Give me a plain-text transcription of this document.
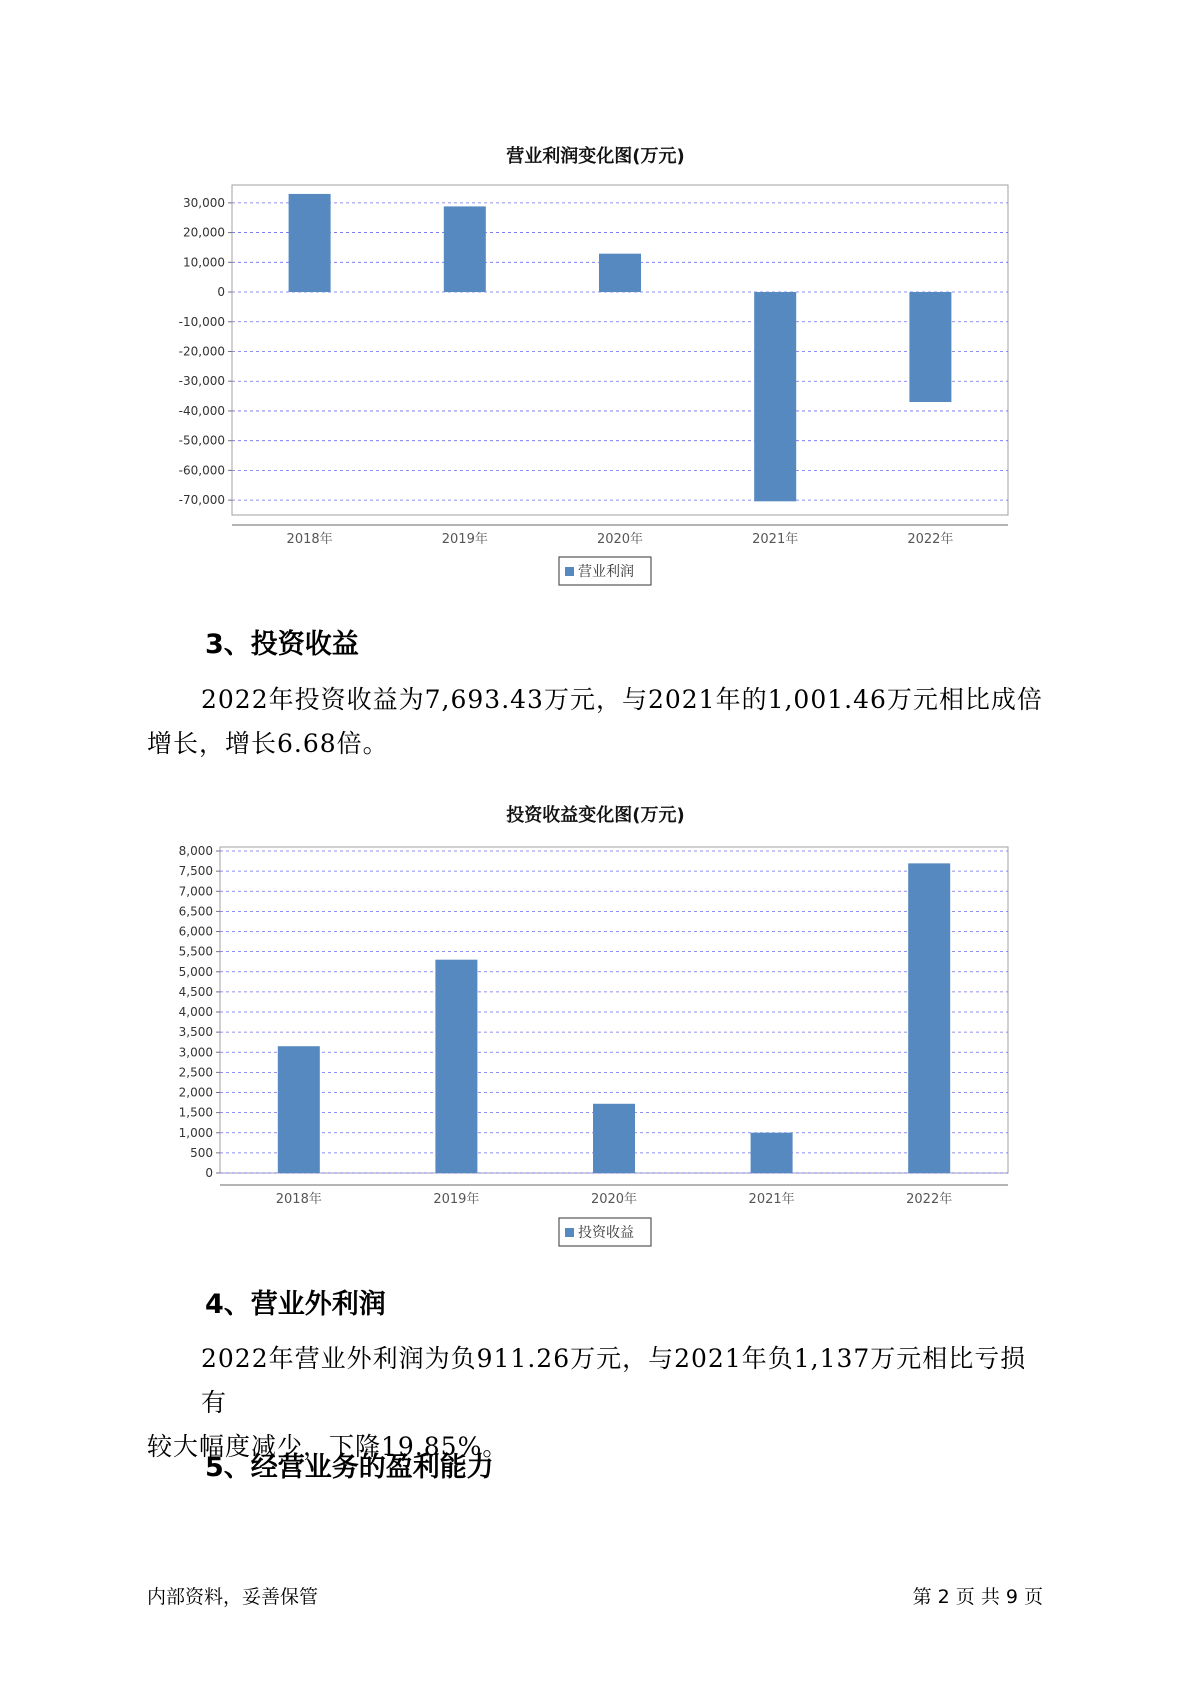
营业利润变化图(万元)
30,000
20,000
10,000
0
-10,000
-20,000
-30,000
-40,000
-50,000
-60,000
-70,000
2018年	2019年	2020年	2021年	2022年
营业利润
3、投资收益
2022年投资收益为7,693.43万元，与2021年的1,001.46万元相比成倍
增长，增长6.68倍。
投资收益变化图(万元)
8,000
7,500
7,000
6,500
6,000
5,500
5,000
4,500
4,000
3,500
3,000
2,500
2,000
1,500
1,000
500
0
2018年	2019年	2020年	2021年	2022年
投资收益
4、营业外利润
2022年营业外利润为负911.26万元，与2021年负1,137万元相比亏损有
较大幅度减少，下降19.85%。
5、经营业务的盈利能力
内部资料，妥善保管	第 2 页 共 9 页
